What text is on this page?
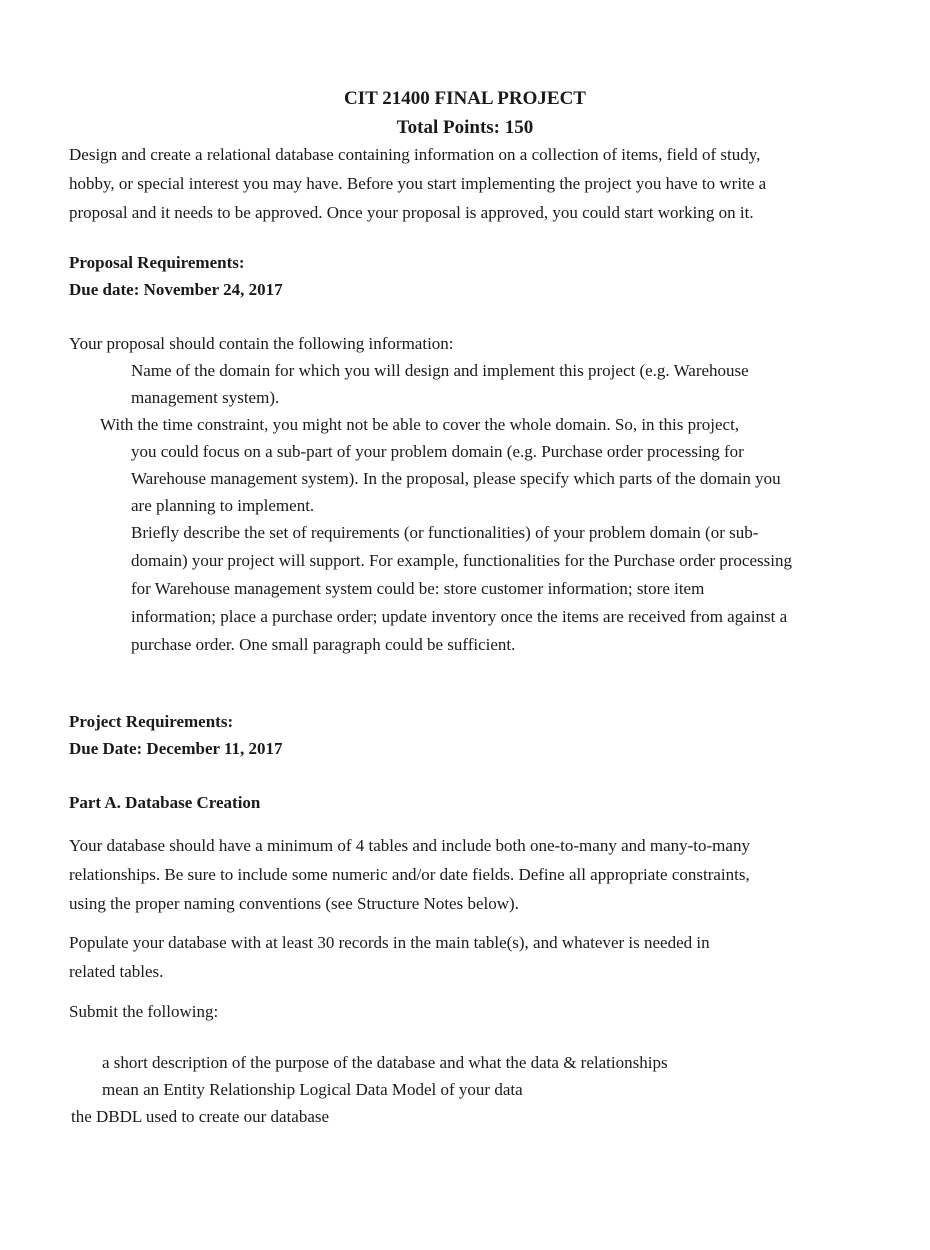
CIT 21400 FINAL PROJECT
Total Points: 150
Design and create a relational database containing information on a collection of items, field of study,
hobby, or special interest you may have. Before you start implementing the project you have to write a
proposal and it needs to be approved. Once your proposal is approved, you could start working on it.
Proposal Requirements:
Due date: November 24, 2017
Your proposal should contain the following information:
Name of the domain for which you will design and implement this project (e.g. Warehouse
management system).
With the time constraint, you might not be able to cover the whole domain. So, in this project,
you could focus on a sub-part of your problem domain (e.g. Purchase order processing for
Warehouse management system). In the proposal, please specify which parts of the domain you
are planning to implement.
Briefly describe the set of requirements (or functionalities) of your problem domain (or sub-
domain) your project will support. For example, functionalities for the Purchase order processing
for Warehouse management system could be: store customer information; store item
information; place a purchase order; update inventory once the items are received from against a
purchase order. One small paragraph could be sufficient.
Project Requirements:
Due Date: December 11, 2017
Part A. Database Creation
Your database should have a minimum of 4 tables and include both one-to-many and many-to-many
relationships. Be sure to include some numeric and/or date fields. Define all appropriate constraints,
using the proper naming conventions (see Structure Notes below).
Populate your database with at least 30 records in the main table(s), and whatever is needed in
related tables.
Submit the following:
a short description of the purpose of the database and what the data & relationships
mean an Entity Relationship Logical Data Model of your data
the DBDL used to create our database
